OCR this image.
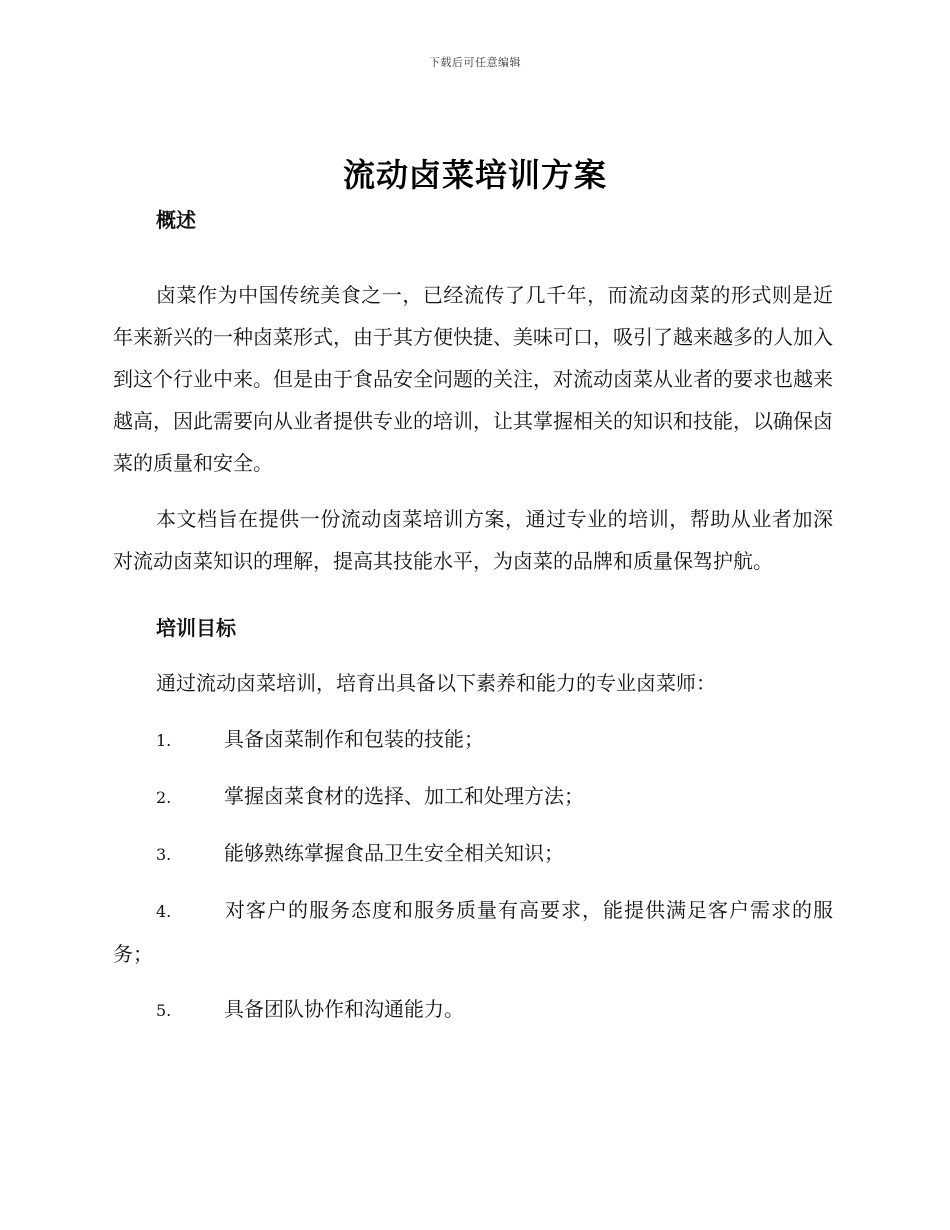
下载后可任意编辑
流动卤菜培训方案
概述

卤菜作为中国传统美食之一，已经流传了几千年，而流动卤菜的形式则是近年来新兴的一种卤菜形式，由于其方便快捷、美味可口，吸引了越来越多的人加入到这个行业中来。但是由于食品安全问题的关注，对流动卤菜从业者的要求也越来越高，因此需要向从业者提供专业的培训，让其掌握相关的知识和技能，以确保卤菜的质量和安全。

本文档旨在提供一份流动卤菜培训方案，通过专业的培训，帮助从业者加深对流动卤菜知识的理解，提高其技能水平，为卤菜的品牌和质量保驾护航。

培训目标

通过流动卤菜培训，培育出具备以下素养和能力的专业卤菜师：

1.	具备卤菜制作和包装的技能；

2.	掌握卤菜食材的选择、加工和处理方法；

3.	能够熟练掌握食品卫生安全相关知识；

4.	对客户的服务态度和服务质量有高要求，能提供满足客户需求的服务；

5.	具备团队协作和沟通能力。
